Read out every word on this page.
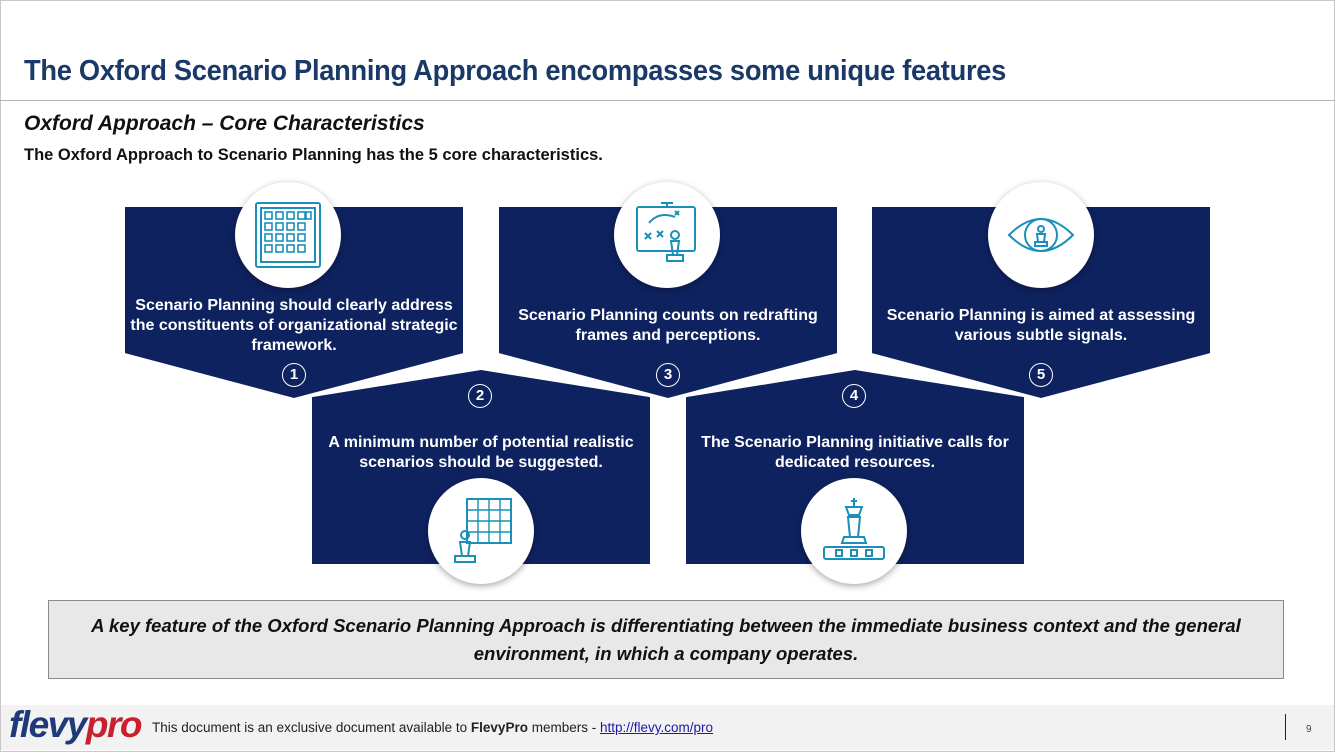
The Oxford Scenario Planning Approach encompasses some unique features
Oxford Approach – Core Characteristics
The Oxford Approach to Scenario Planning has the 5 core characteristics.
Scenario Planning should clearly address the constituents of organizational strategic framework.
1
Scenario Planning counts on redrafting frames and perceptions.
3
Scenario Planning is aimed at assessing various subtle signals.
5
2
A minimum number of potential realistic scenarios should be suggested.
4
The Scenario Planning initiative calls for dedicated resources.
A key feature of the Oxford Scenario Planning Approach is differentiating between the immediate business context and the general environment, in which a company operates.
flevypro This document is an exclusive document available to FlevyPro members - http://flevy.com/pro	9
